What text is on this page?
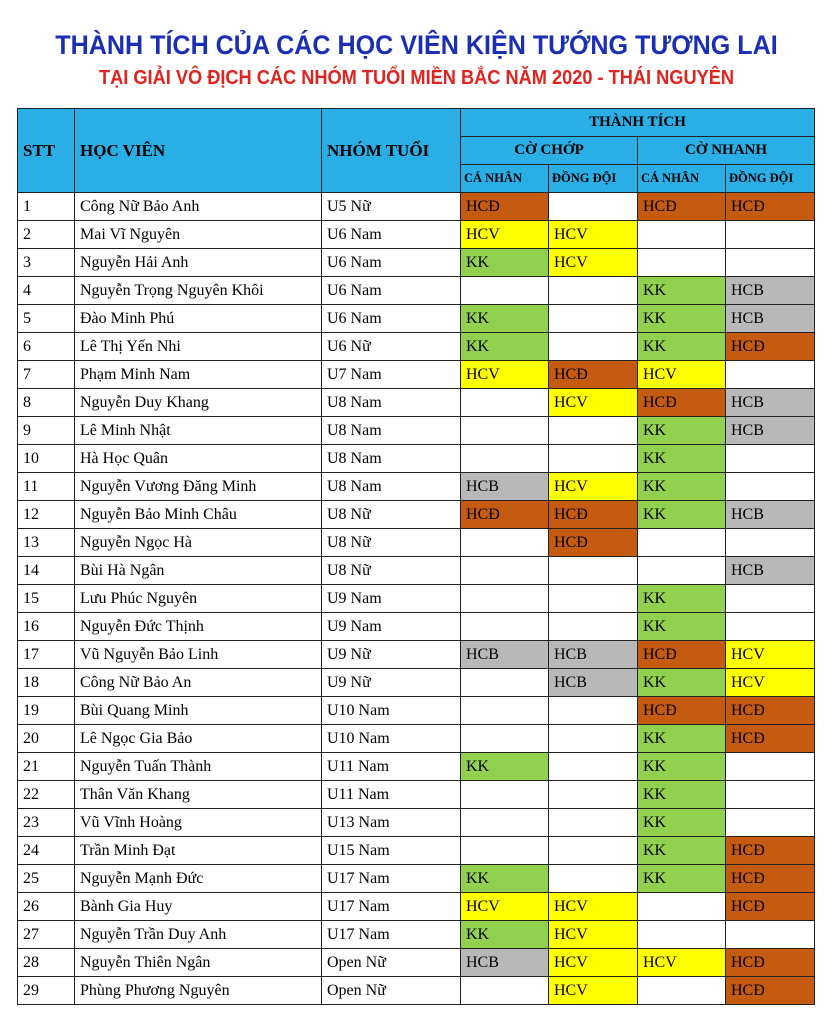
THÀNH TÍCH CỦA CÁC HỌC VIÊN KIỆN TƯỚNG TƯƠNG LAI
TẠI GIẢI VÔ ĐỊCH CÁC NHÓM TUỔI MIỀN BẮC NĂM 2020 - THÁI NGUYÊN
STT	HỌC VIÊN	NHÓM TUỔI	THÀNH TÍCH			
			CỜ CHỚP		CỜ NHANH	
			CÁ NHÂN	ĐỒNG ĐỘI	CÁ NHÂN	ĐỒNG ĐỘI
1	Công Nữ Bảo Anh	U5 Nữ	HCĐ		HCĐ	HCĐ
2	Mai Vĩ Nguyên	U6 Nam	HCV	HCV		
3	Nguyễn Hải Anh	U6 Nam	KK	HCV		
4	Nguyễn Trọng Nguyên Khôi	U6 Nam			KK	HCB
5	Đào Minh Phú	U6 Nam	KK		KK	HCB
6	Lê Thị Yến Nhi	U6 Nữ	KK		KK	HCĐ
7	Phạm Minh Nam	U7 Nam	HCV	HCĐ	HCV	
8	Nguyễn Duy Khang	U8 Nam		HCV	HCĐ	HCB
9	Lê Minh Nhật	U8 Nam			KK	HCB
10	Hà Học Quân	U8 Nam			KK	
11	Nguyễn Vương Đăng Minh	U8 Nam	HCB	HCV	KK	
12	Nguyễn Bảo Minh Châu	U8 Nữ	HCĐ	HCĐ	KK	HCB
13	Nguyễn Ngọc Hà	U8 Nữ		HCĐ		
14	Bùi Hà Ngân	U8 Nữ				HCB
15	Lưu Phúc Nguyên	U9 Nam			KK	
16	Nguyễn Đức Thịnh	U9 Nam			KK	
17	Vũ Nguyễn Bảo Linh	U9 Nữ	HCB	HCB	HCĐ	HCV
18	Công Nữ Bảo An	U9 Nữ		HCB	KK	HCV
19	Bùi Quang Minh	U10 Nam			HCĐ	HCĐ
20	Lê Ngọc Gia Bảo	U10 Nam			KK	HCĐ
21	Nguyễn Tuấn Thành	U11 Nam	KK		KK	
22	Thân Văn Khang	U11 Nam			KK	
23	Vũ Vĩnh Hoàng	U13 Nam			KK	
24	Trần Minh Đạt	U15 Nam			KK	HCĐ
25	Nguyễn Mạnh Đức	U17 Nam	KK		KK	HCĐ
26	Bành Gia Huy	U17 Nam	HCV	HCV		HCĐ
27	Nguyễn Trần Duy Anh	U17 Nam	KK	HCV		
28	Nguyễn Thiên Ngân	Open Nữ	HCB	HCV	HCV	HCĐ
29	Phùng Phương Nguyên	Open Nữ		HCV		HCĐ
